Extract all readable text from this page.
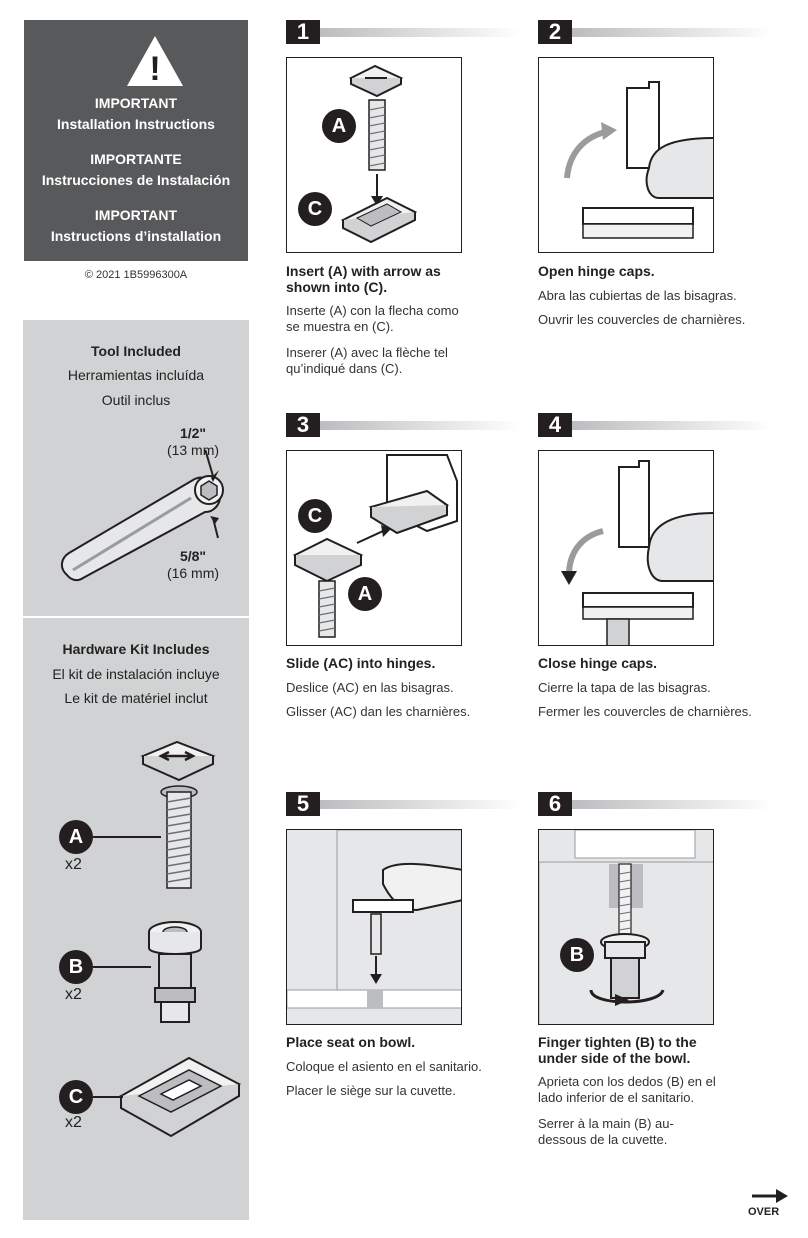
!
IMPORTANT
Installation Instructions
IMPORTANTE
Instrucciones de Instalación
IMPORTANT
Instructions d’installation
© 2021 1B5996300A
Tool Included
Herramientas incluída
Outil inclus
1/2"
(13 mm)
5/8"
(16 mm)
Hardware Kit Includes
El kit de instalación incluye
Le kit de matériel inclut
A
x2
B
x2
C
x2
1
A
C
Insert (A) with arrow as shown into (C).
Inserte (A) con la flecha como se muestra en (C).
Inserer (A) avec la flèche tel qu’indiqué dans (C).
2
Open hinge caps.
Abra las cubiertas de las bisagras.
Ouvrir les couvercles de charnières.
3
C
A
Slide (AC) into hinges.
Deslice (AC) en las bisagras.
Glisser (AC) dan les charnières.
4
Close hinge caps.
Cierre la tapa de las bisagras.
Fermer les couvercles de charnières.
5
Place seat on bowl.
Coloque el asiento en el sanitario.
Placer le siège sur la cuvette.
6
B
Finger tighten (B) to the under side of the bowl.
Aprieta con los dedos (B) en el lado inferior de el sanitario.
Serrer à la main (B) au-dessous de la cuvette.
OVER
